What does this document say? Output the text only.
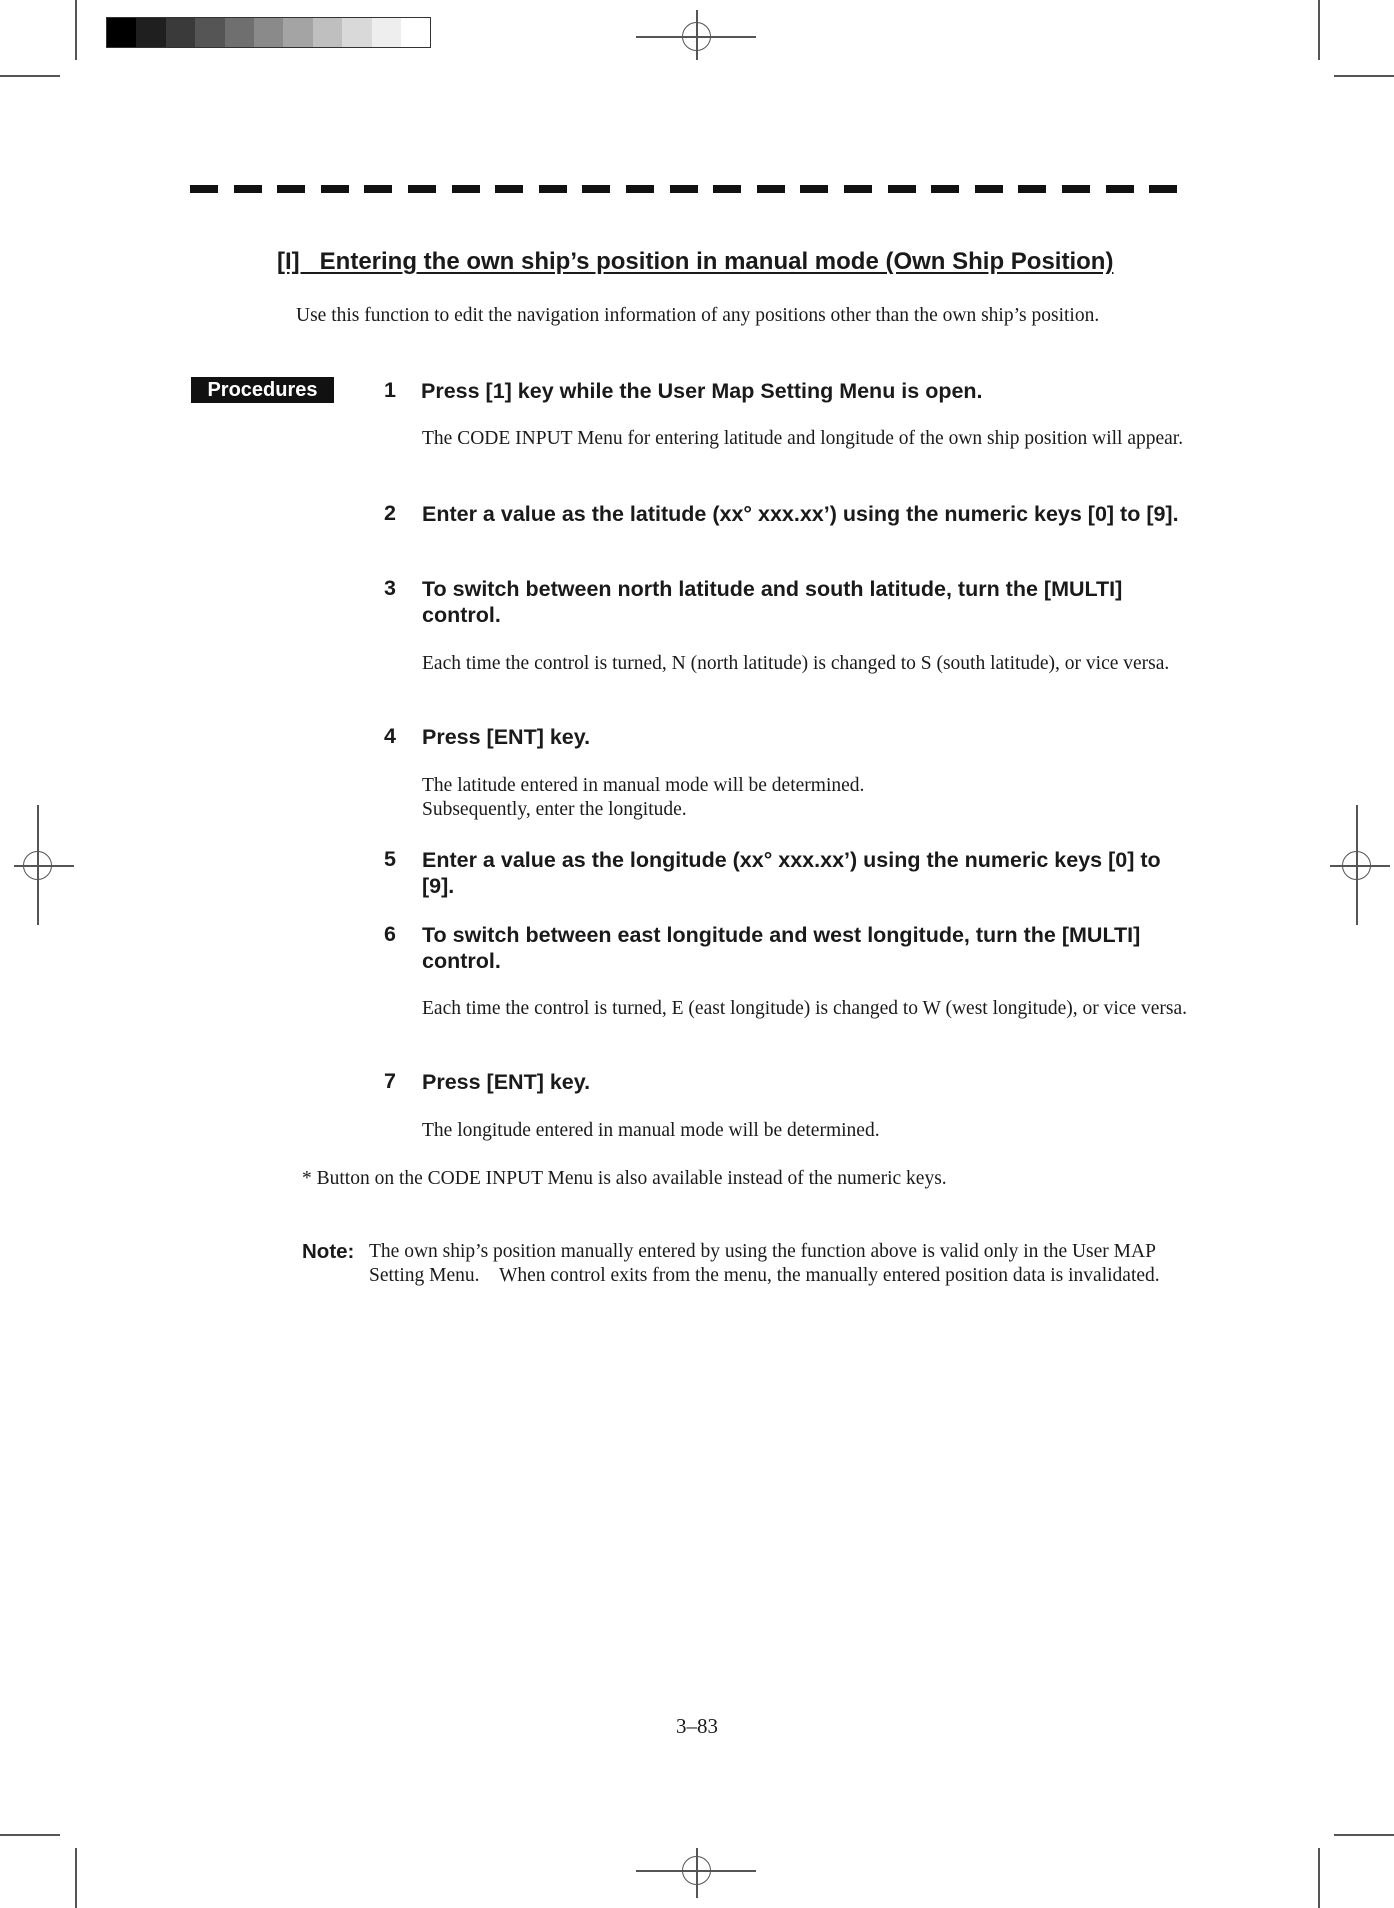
[I]   Entering the own ship’s position in manual mode (Own Ship Position)
Use this function to edit the navigation information of any positions other than the own ship’s position.
Procedures	1 Press [1] key while the User Map Setting Menu is open.
The CODE INPUT Menu for entering latitude and longitude of the own ship position will appear.
2 Enter a value as the latitude (xx° xxx.xx’) using the numeric keys [0] to [9].
3 To switch between north latitude and south latitude, turn the [MULTI] control.
Each time the control is turned, N (north latitude) is changed to S (south latitude), or vice versa.
4 Press [ENT] key.
The latitude entered in manual mode will be determined.
Subsequently, enter the longitude.
5 Enter a value as the longitude (xx° xxx.xx’) using the numeric keys [0] to [9].
6 To switch between east longitude and west longitude, turn the [MULTI] control.
Each time the control is turned, E (east longitude) is changed to W (west longitude), or vice versa.
7 Press [ENT] key.
The longitude entered in manual mode will be determined.
* Button on the CODE INPUT Menu is also available instead of the numeric keys.
Note: The own ship’s position manually entered by using the function above is valid only in the User MAP Setting Menu.    When control exits from the menu, the manually entered position data is invalidated.
3–83
